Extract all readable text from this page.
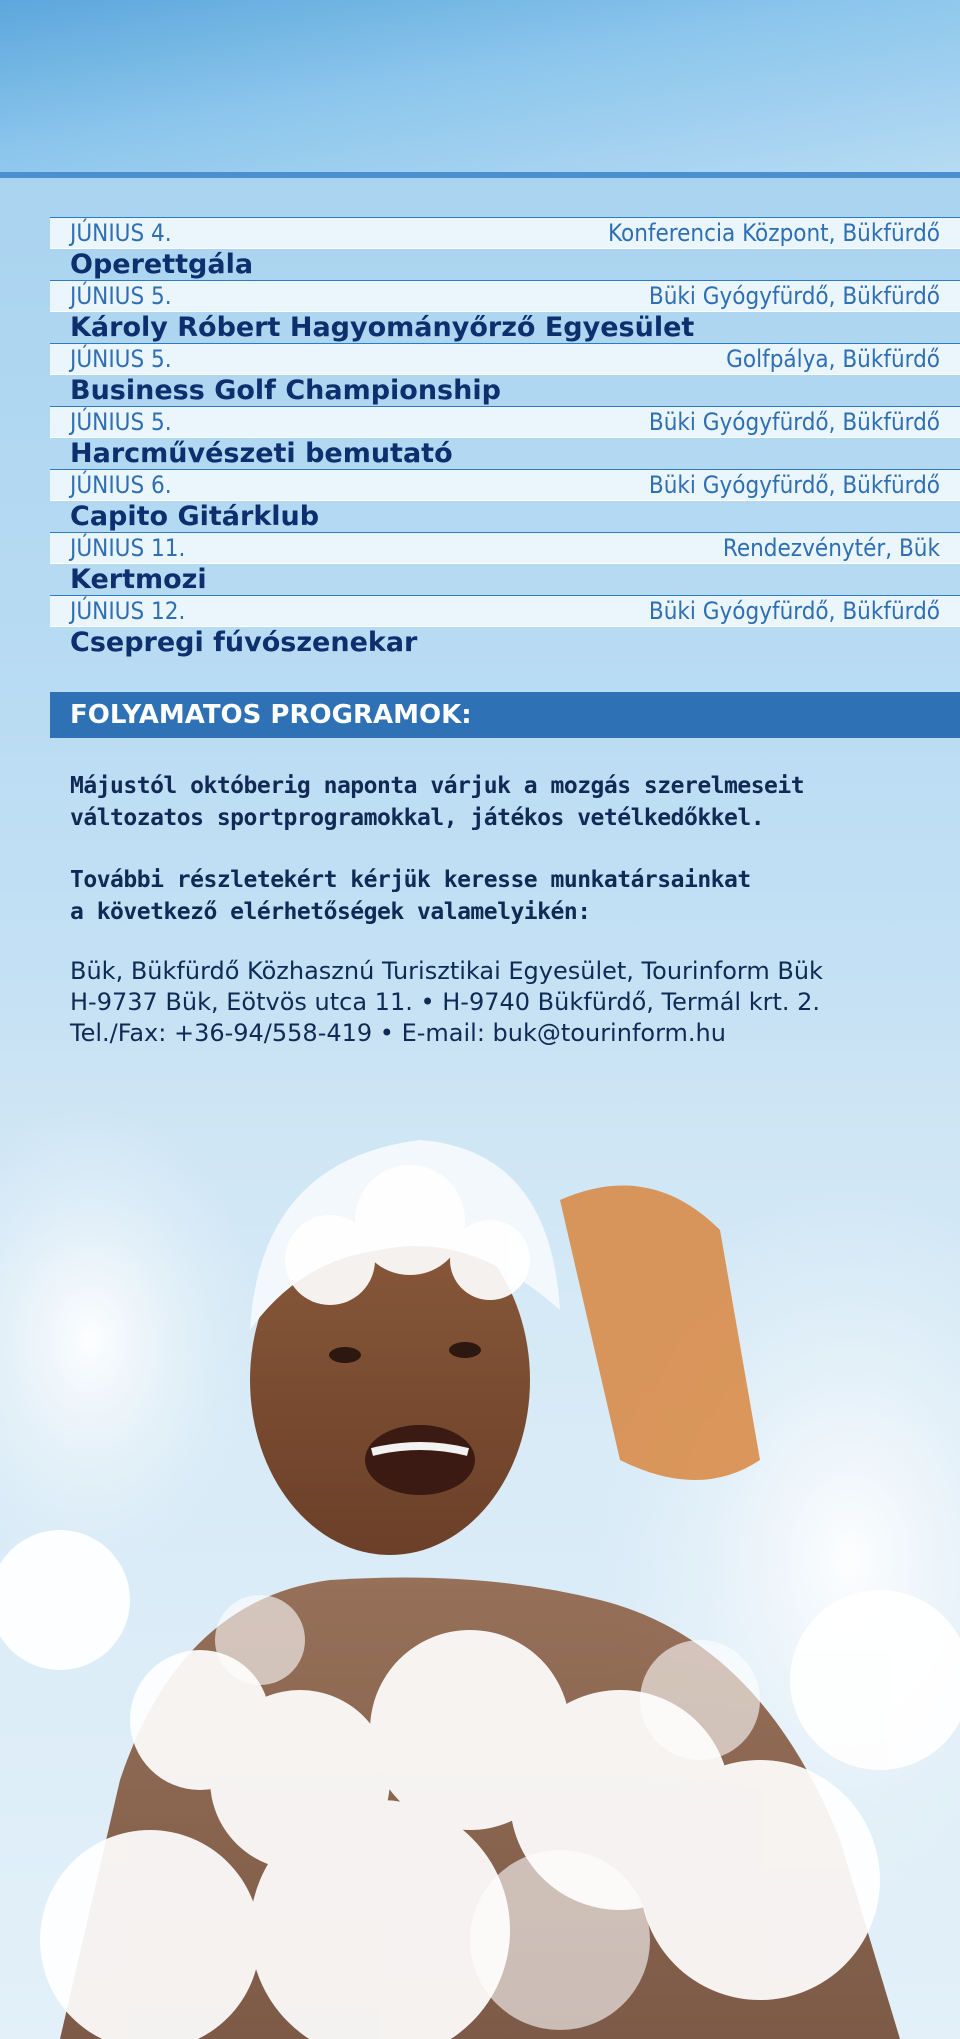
JÚNIUS 4.	Konferencia Központ, Bükfürdő
Operettgála
JÚNIUS 5.	Büki Gyógyfürdő, Bükfürdő
Károly Róbert Hagyományőrző Egyesület
JÚNIUS 5.	Golfpálya, Bükfürdő
Business Golf Championship
JÚNIUS 5.	Büki Gyógyfürdő, Bükfürdő
Harcművészeti bemutató
JÚNIUS 6.	Büki Gyógyfürdő, Bükfürdő
Capito Gitárklub
JÚNIUS 11.	Rendezvénytér, Bük
Kertmozi
JÚNIUS 12.	Büki Gyógyfürdő, Bükfürdő
Csepregi fúvószenekar
FOLYAMATOS PROGRAMOK:
Májustól októberig naponta várjuk a mozgás szerelmeseit
változatos sportprogramokkal, játékos vetélkedőkkel.
További részletekért kérjük keresse munkatársainkat
a következő elérhetőségek valamelyikén:
Bük, Bükfürdő Közhasznú Turisztikai Egyesület, Tourinform Bük
H-9737 Bük, Eötvös utca 11. • H-9740 Bükfürdő, Termál krt. 2.
Tel./Fax: +36-94/558-419 • E-mail: buk@tourinform.hu
